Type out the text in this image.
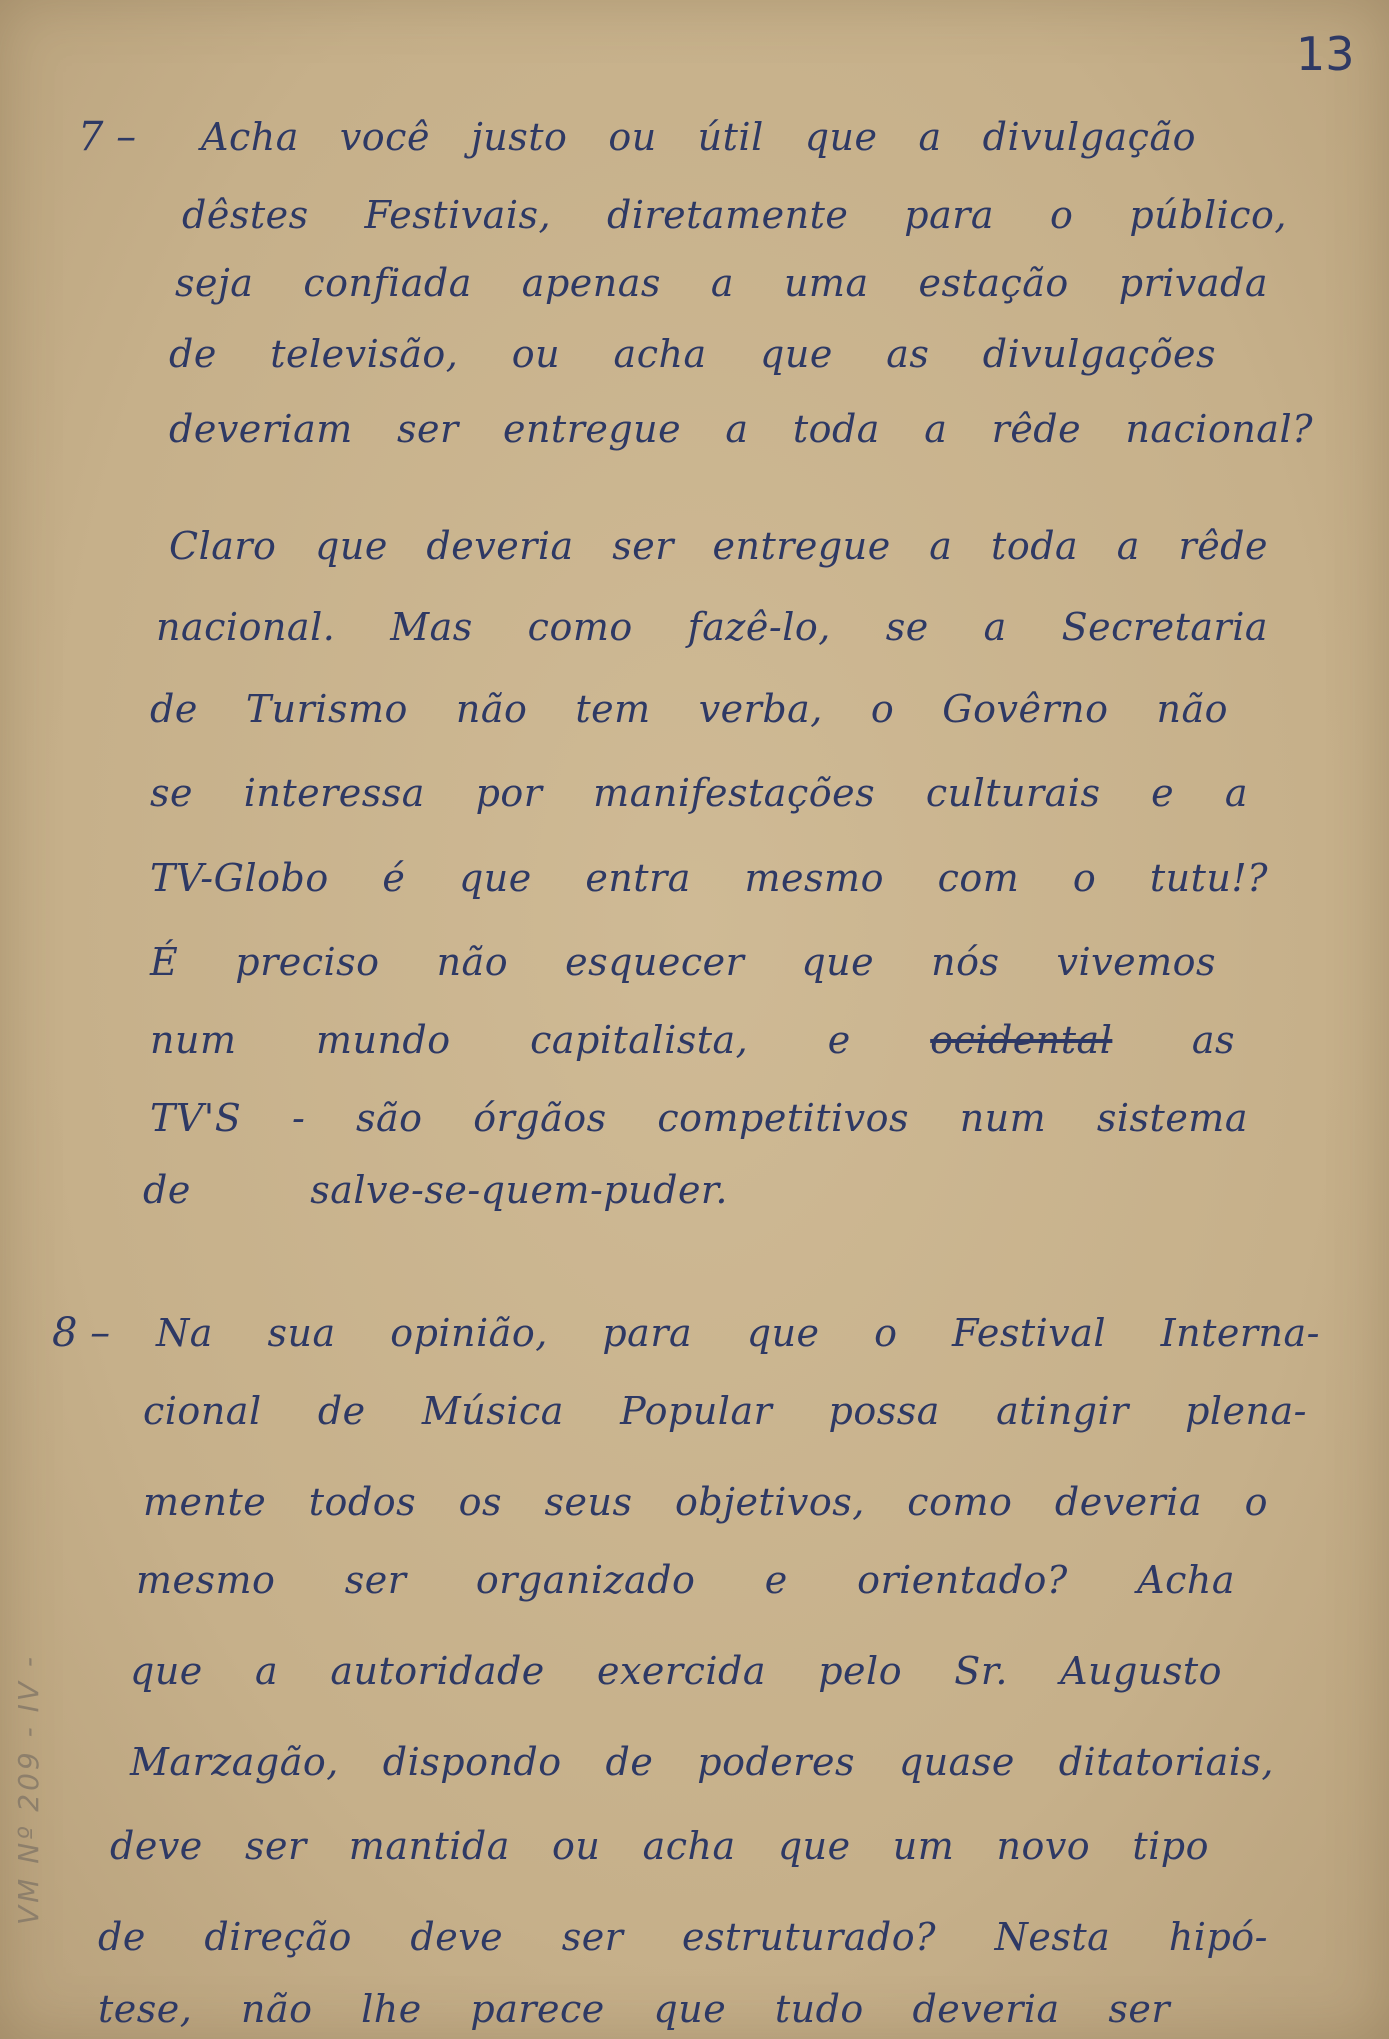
13
7 – Acha você justo ou útil que a divulgação
dêstes Festivais, diretamente para o público,
seja confiada apenas a uma estação privada
de televisão, ou acha que as divulgações
deveriam ser entregue a toda a rêde nacional?
Claro que deveria ser entregue a toda a rêde
nacional. Mas como fazê-lo, se a Secretaria
de Turismo não tem verba, o Govêrno não
se interessa por manifestações culturais e a
TV-Globo é que entra mesmo com o tutu!?
É preciso não esquecer que nós vivemos
num mundo capitalista, e ocidental as
TV'S - são órgãos competitivos num sistema
de salve-se-quem-puder.
8 – Na sua opinião, para que o Festival Interna-
cional de Música Popular possa atingir plena-
mente todos os seus objetivos, como deveria o
mesmo ser organizado e orientado? Acha
que a autoridade exercida pelo Sr. Augusto
Marzagão, dispondo de poderes quase ditatoriais,
deve ser mantida ou acha que um novo tipo
de direção deve ser estruturado? Nesta hipó-
tese, não lhe parece que tudo deveria ser
VM Nº 209 - IV -
